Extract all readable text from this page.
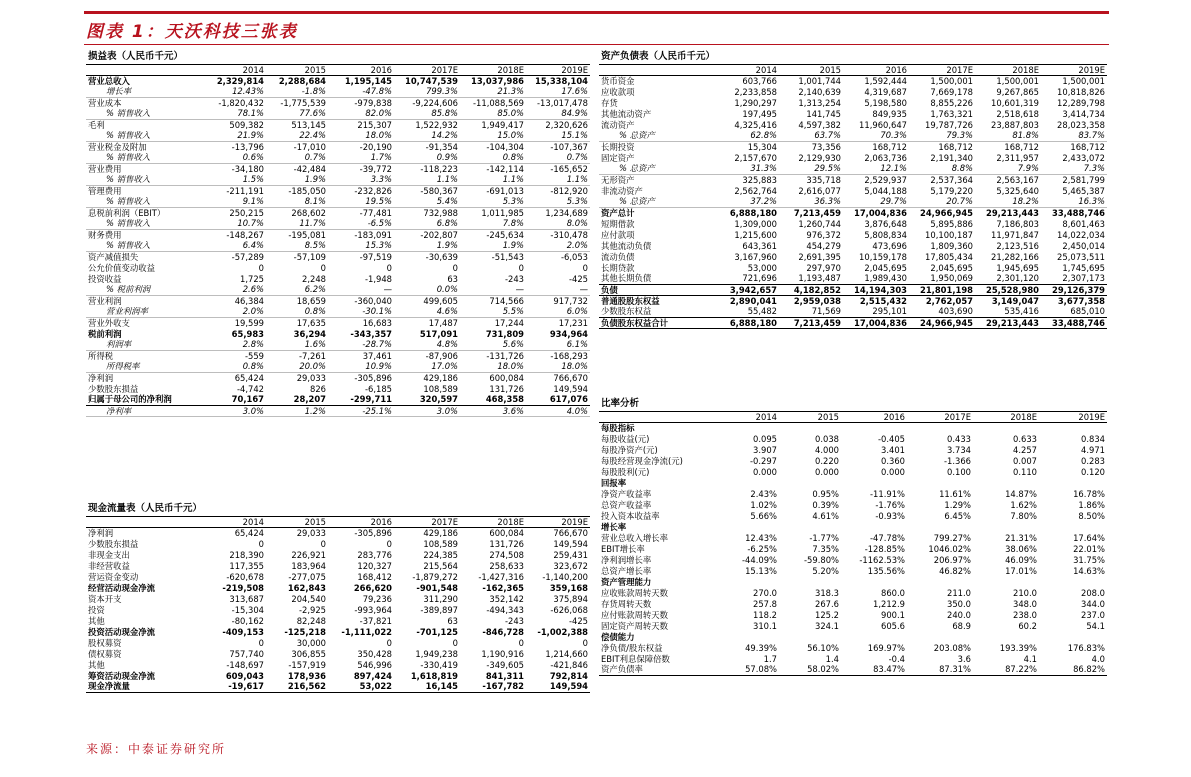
图表 1：天沃科技三张表
损益表（人民币千元）						
	2014	2015	2016	2017E	2018E	2019E
营业总收入	2,329,814	2,288,684	1,195,145	10,747,539	13,037,986	15,338,104
增长率	12.43%	-1.8%	-47.8%	799.3%	21.3%	17.6%
营业成本	-1,820,432	-1,775,539	-979,838	-9,224,606	-11,088,569	-13,017,478
% 销售收入	78.1%	77.6%	82.0%	85.8%	85.0%	84.9%
毛利	509,382	513,145	215,307	1,522,932	1,949,417	2,320,626
% 销售收入	21.9%	22.4%	18.0%	14.2%	15.0%	15.1%
营业税金及附加	-13,796	-17,010	-20,190	-91,354	-104,304	-107,367
% 销售收入	0.6%	0.7%	1.7%	0.9%	0.8%	0.7%
营业费用	-34,180	-42,484	-39,772	-118,223	-142,114	-165,652
% 销售收入	1.5%	1.9%	3.3%	1.1%	1.1%	1.1%
管理费用	-211,191	-185,050	-232,826	-580,367	-691,013	-812,920
% 销售收入	9.1%	8.1%	19.5%	5.4%	5.3%	5.3%
息税前利润（EBIT）	250,215	268,602	-77,481	732,988	1,011,985	1,234,689
% 销售收入	10.7%	11.7%	-6.5%	6.8%	7.8%	8.0%
财务费用	-148,267	-195,081	-183,091	-202,807	-245,634	-310,478
% 销售收入	6.4%	8.5%	15.3%	1.9%	1.9%	2.0%
资产减值损失	-57,289	-57,109	-97,519	-30,639	-51,543	-6,053
公允价值变动收益	0	0	0	0	0	0
投资收益	1,725	2,248	-1,948	63	-243	-425
% 税前利润	2.6%	6.2%	—	0.0%	—	—
营业利润	46,384	18,659	-360,040	499,605	714,566	917,732
营业利润率	2.0%	0.8%	-30.1%	4.6%	5.5%	6.0%
营业外收支	19,599	17,635	16,683	17,487	17,244	17,231
税前利润	65,983	36,294	-343,357	517,091	731,809	934,964
利润率	2.8%	1.6%	-28.7%	4.8%	5.6%	6.1%
所得税	-559	-7,261	37,461	-87,906	-131,726	-168,293
所得税率	0.8%	20.0%	10.9%	17.0%	18.0%	18.0%
净利润	65,424	29,033	-305,896	429,186	600,084	766,670
少数股东损益	-4,742	826	-6,185	108,589	131,726	149,594
归属于母公司的净利润	70,167	28,207	-299,711	320,597	468,358	617,076
净利率	3.0%	1.2%	-25.1%	3.0%	3.6%	4.0%
现金流量表（人民币千元）						
	2014	2015	2016	2017E	2018E	2019E
净利润	65,424	29,033	-305,896	429,186	600,084	766,670
少数股东损益	0	0	0	108,589	131,726	149,594
非现金支出	218,390	226,921	283,776	224,385	274,508	259,431
非经营收益	117,355	183,964	120,327	215,564	258,633	323,672
营运资金变动	-620,678	-277,075	168,412	-1,879,272	-1,427,316	-1,140,200
经营活动现金净流	-219,508	162,843	266,620	-901,548	-162,365	359,168
资本开支	313,687	204,540	79,236	311,290	352,142	375,894
投资	-15,304	-2,925	-993,964	-389,897	-494,343	-626,068
其他	-80,162	82,248	-37,821	63	-243	-425
投资活动现金净流	-409,153	-125,218	-1,111,022	-701,125	-846,728	-1,002,388
股权募资	0	30,000	0	0	0	0
债权募资	757,740	306,855	350,428	1,949,238	1,190,916	1,214,660
其他	-148,697	-157,919	546,996	-330,419	-349,605	-421,846
筹资活动现金净流	609,043	178,936	897,424	1,618,819	841,311	792,814
现金净流量	-19,617	216,562	53,022	16,145	-167,782	149,594
资产负债表（人民币千元）						
	2014	2015	2016	2017E	2018E	2019E
货币资金	603,766	1,001,744	1,592,444	1,500,001	1,500,001	1,500,001
应收款项	2,233,858	2,140,639	4,319,687	7,669,178	9,267,865	10,818,826
存货	1,290,297	1,313,254	5,198,580	8,855,226	10,601,319	12,289,798
其他流动资产	197,495	141,745	849,935	1,763,321	2,518,618	3,414,734
流动资产	4,325,416	4,597,382	11,960,647	19,787,726	23,887,803	28,023,358
% 总资产	62.8%	63.7%	70.3%	79.3%	81.8%	83.7%
长期投资	15,304	73,356	168,712	168,712	168,712	168,712
固定资产	2,157,670	2,129,930	2,063,736	2,191,340	2,311,957	2,433,072
% 总资产	31.3%	29.5%	12.1%	8.8%	7.9%	7.3%
无形资产	325,883	335,718	2,529,937	2,537,364	2,563,167	2,581,799
非流动资产	2,562,764	2,616,077	5,044,188	5,179,220	5,325,640	5,465,387
% 总资产	37.2%	36.3%	29.7%	20.7%	18.2%	16.3%
资产总计	6,888,180	7,213,459	17,004,836	24,966,945	29,213,443	33,488,746
短期借款	1,309,000	1,260,744	3,876,648	5,895,886	7,186,803	8,601,463
应付款项	1,215,600	976,372	5,808,834	10,100,187	11,971,847	14,022,034
其他流动负债	643,361	454,279	473,696	1,809,360	2,123,516	2,450,014
流动负债	3,167,960	2,691,395	10,159,178	17,805,434	21,282,166	25,073,511
长期贷款	53,000	297,970	2,045,695	2,045,695	1,945,695	1,745,695
其他长期负债	721,696	1,193,487	1,989,430	1,950,069	2,301,120	2,307,173
负债	3,942,657	4,182,852	14,194,303	21,801,198	25,528,980	29,126,379
普通股股东权益	2,890,041	2,959,038	2,515,432	2,762,057	3,149,047	3,677,358
少数股东权益	55,482	71,569	295,101	403,690	535,416	685,010
负债股东权益合计	6,888,180	7,213,459	17,004,836	24,966,945	29,213,443	33,488,746
比率分析						
	2014	2015	2016	2017E	2018E	2019E
每股指标						
每股收益(元)	0.095	0.038	-0.405	0.433	0.633	0.834
每股净资产(元)	3.907	4.000	3.401	3.734	4.257	4.971
每股经营现金净流(元)	-0.297	0.220	0.360	-1.366	0.007	0.283
每股股利(元)	0.000	0.000	0.000	0.100	0.110	0.120
回报率						
净资产收益率	2.43%	0.95%	-11.91%	11.61%	14.87%	16.78%
总资产收益率	1.02%	0.39%	-1.76%	1.29%	1.62%	1.86%
投入资本收益率	5.66%	4.61%	-0.93%	6.45%	7.80%	8.50%
增长率						
营业总收入增长率	12.43%	-1.77%	-47.78%	799.27%	21.31%	17.64%
EBIT增长率	-6.25%	7.35%	-128.85%	1046.02%	38.06%	22.01%
净利润增长率	-44.09%	-59.80%	-1162.53%	206.97%	46.09%	31.75%
总资产增长率	15.13%	5.20%	135.56%	46.82%	17.01%	14.63%
资产管理能力						
应收账款周转天数	270.0	318.3	860.0	211.0	210.0	208.0
存货周转天数	257.8	267.6	1,212.9	350.0	348.0	344.0
应付账款周转天数	118.2	125.2	900.1	240.0	238.0	237.0
固定资产周转天数	310.1	324.1	605.6	68.9	60.2	54.1
偿债能力						
净负债/股东权益	49.39%	56.10%	169.97%	203.08%	193.39%	176.83%
EBIT利息保障倍数	1.7	1.4	-0.4	3.6	4.1	4.0
资产负债率	57.08%	58.02%	83.47%	87.31%	87.22%	86.82%
来源：中泰证券研究所
